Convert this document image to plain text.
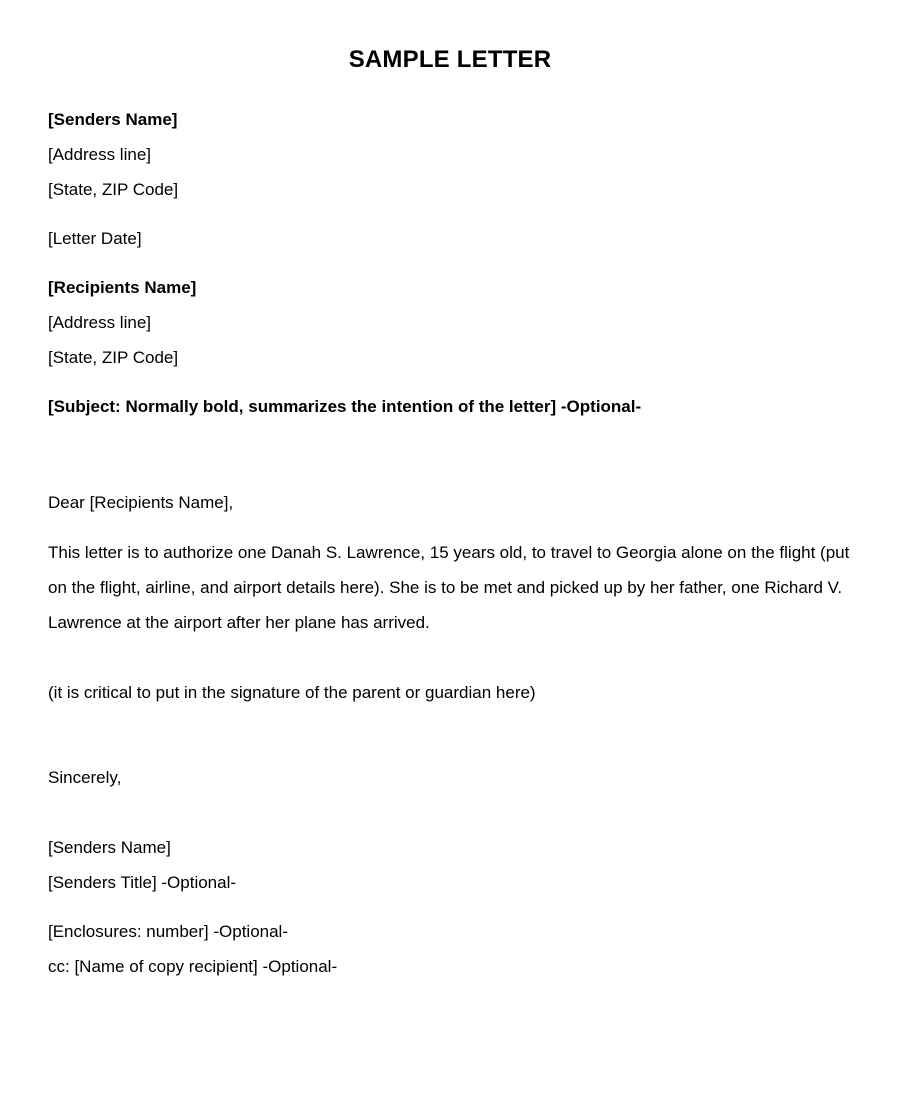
SAMPLE LETTER
[Senders Name]
[Address line]
[State, ZIP Code]
[Letter Date]
[Recipients Name]
[Address line]
[State, ZIP Code]
[Subject: Normally bold, summarizes the intention of the letter] -Optional-
Dear [Recipients Name],
This letter is to authorize one Danah S. Lawrence, 15 years old, to travel to Georgia alone on the flight (put on the flight, airline, and airport details here). She is to be met and picked up by her father, one Richard V. Lawrence at the airport after her plane has arrived.
(it is critical to put in the signature of the parent or guardian here)
Sincerely,
[Senders Name]
[Senders Title] -Optional-
[Enclosures: number] -Optional-
cc: [Name of copy recipient] -Optional-
